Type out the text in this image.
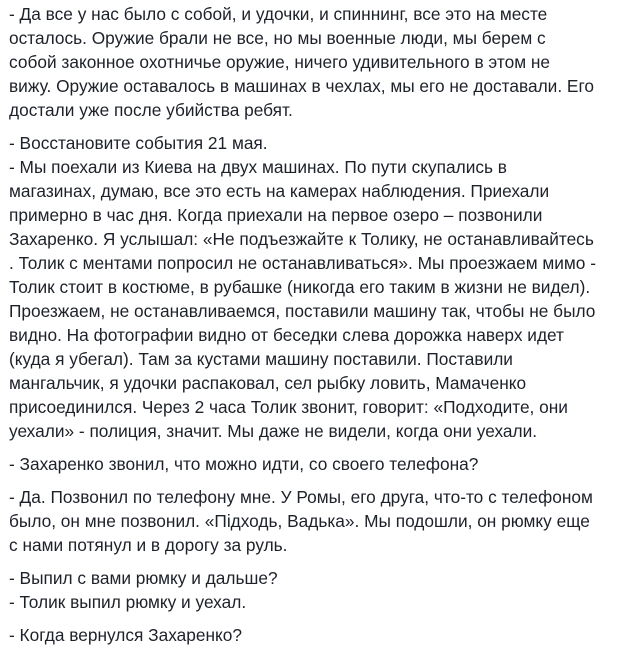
- Да все у нас было с собой, и удочки, и спиннинг, все это на месте
осталось. Оружие брали не все, но мы военные люди, мы берем с
собой законное охотничье оружие, ничего удивительного в этом не
вижу. Оружие оставалось в машинах в чехлах, мы его не доставали. Его
достали уже после убийства ребят.

- Восстановите события 21 мая.
- Мы поехали из Киева на двух машинах. По пути скупались в
магазинах, думаю, все это есть на камерах наблюдения. Приехали
примерно в час дня. Когда приехали на первое озеро – позвонили
Захаренко. Я услышал: «Не подъезжайте к Толику, не останавливайтесь
. Толик с ментами попросил не останавливаться». Мы проезжаем мимо -
Толик стоит в костюме, в рубашке (никогда его таким в жизни не видел).
Проезжаем, не останавливаемся, поставили машину так, чтобы не было
видно. На фотографии видно от беседки слева дорожка наверх идет
(куда я убегал). Там за кустами машину поставили. Поставили
мангальчик, я удочки распаковал, сел рыбку ловить, Мамаченко
присоединился. Через 2 часа Толик звонит, говорит: «Подходите, они
уехали» - полиция, значит. Мы даже не видели, когда они уехали.

- Захаренко звонил, что можно идти, со своего телефона?

- Да. Позвонил по телефону мне. У Ромы, его друга, что-то с телефоном
было, он мне позвонил. «Підходь, Вадька». Мы подошли, он рюмку еще
с нами потянул и в дорогу за руль.

- Выпил с вами рюмку и дальше?
- Толик выпил рюмку и уехал.

- Когда вернулся Захаренко?
